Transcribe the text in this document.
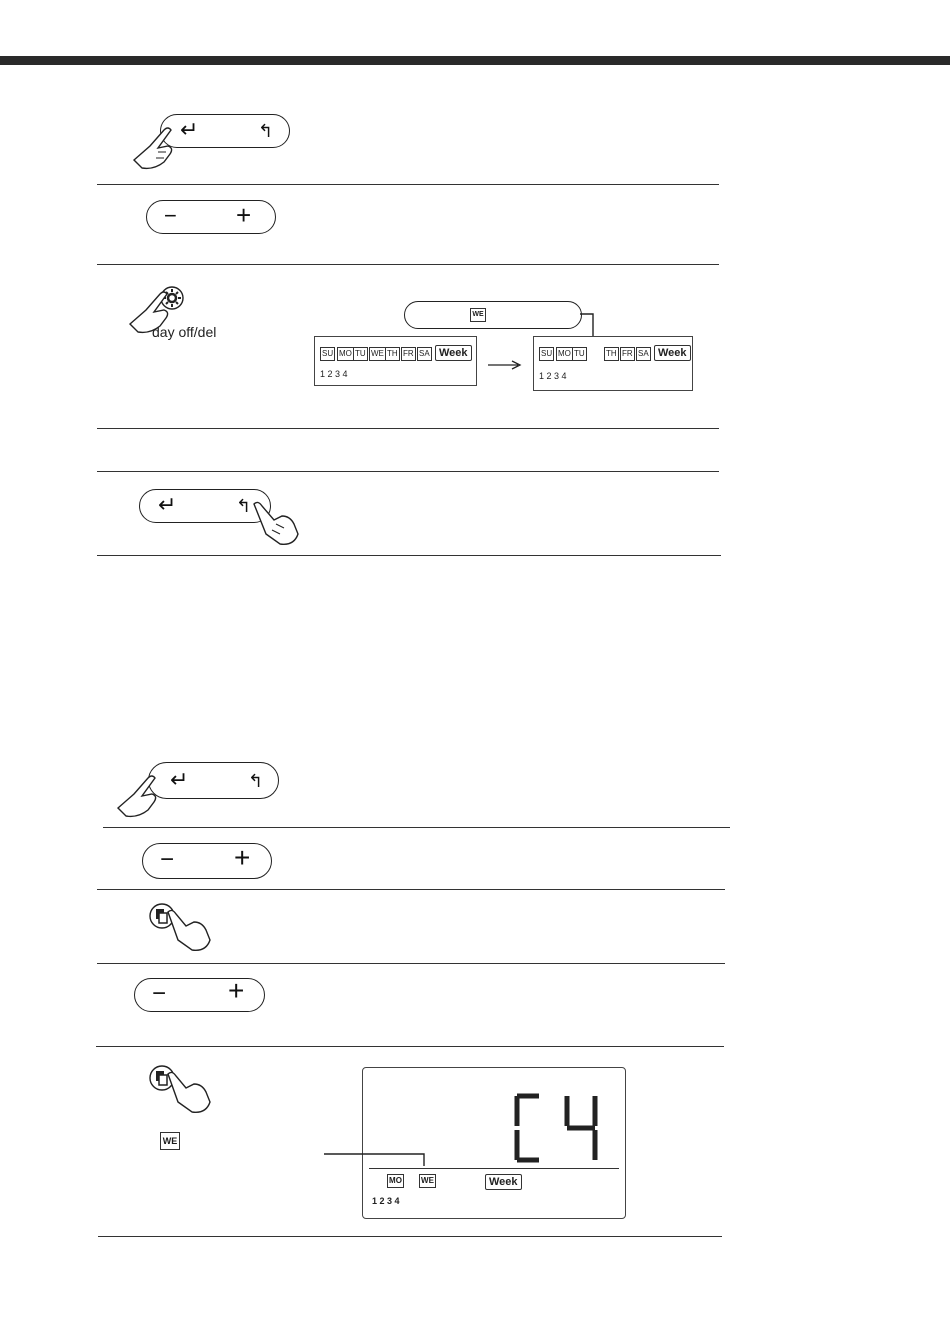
↵	↰
− +
day off/del
WE
SU MO TU WE TH FR SA Week
1 2 3 4
SU MO TU	TH FR SA Week
1 2 3 4
↵	↰
↵	↰
− +
− +
WE
MO WE	Week
1 2 3 4
